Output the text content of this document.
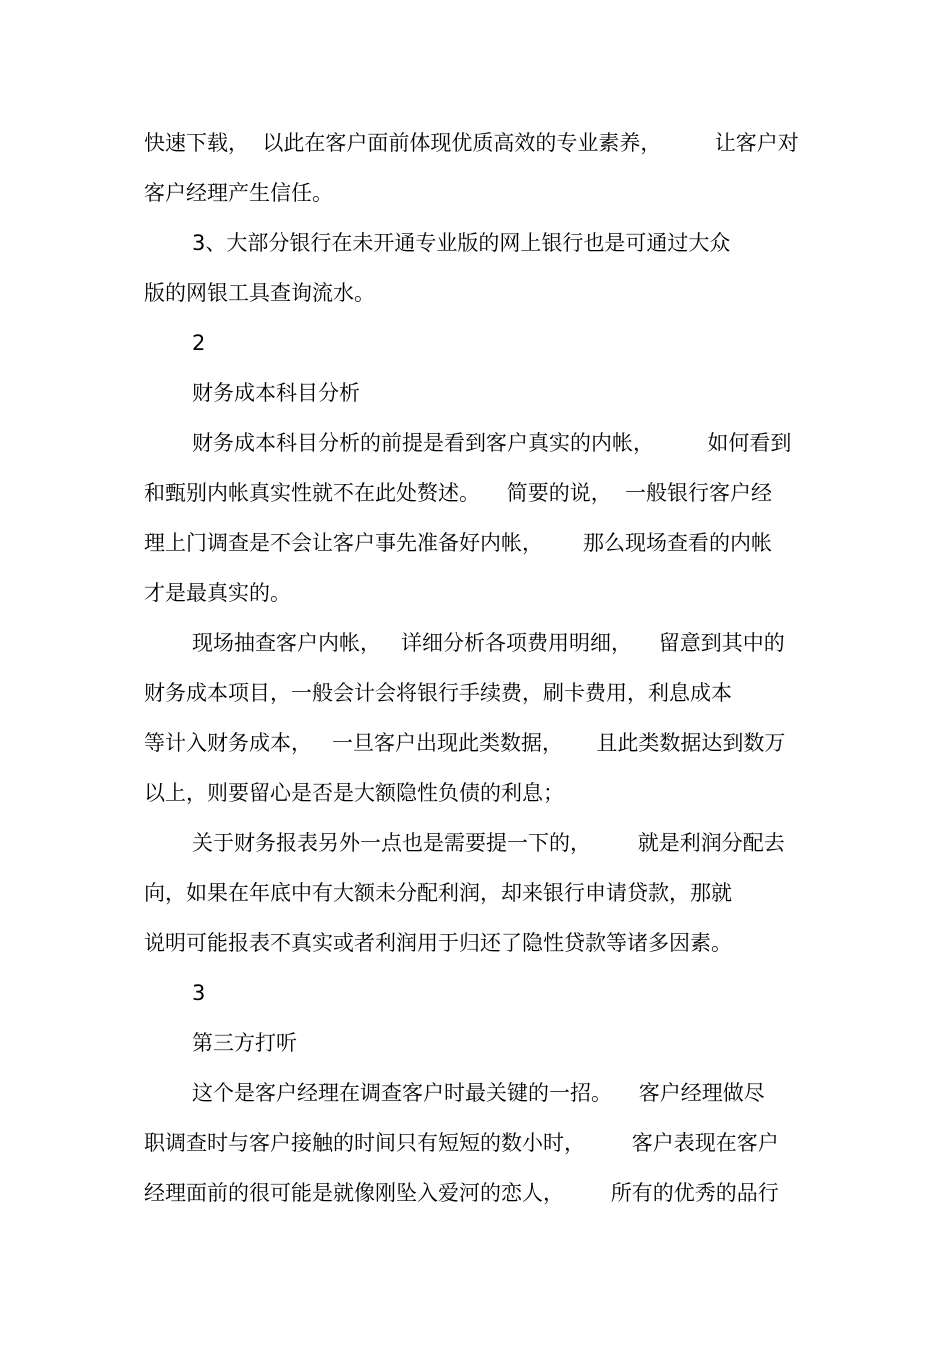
快速下载，  以此在客户面前体现优质高效的专业素养，        让客户对
客户经理产生信任。
3、大部分银行在未开通专业版的网上银行也是可通过大众
版的网银工具查询流水。
2
财务成本科目分析
财务成本科目分析的前提是看到客户真实的内帐，        如何看到
和甄别内帐真实性就不在此处赘述。    简要的说，  一般银行客户经
理上门调查是不会让客户事先准备好内帐，      那么现场查看的内帐
才是最真实的。
现场抽查客户内帐，   详细分析各项费用明细，    留意到其中的
财务成本项目，一般会计会将银行手续费，刷卡费用，利息成本
等计入财务成本，   一旦客户出现此类数据，     且此类数据达到数万
以上，则要留心是否是大额隐性负债的利息；
关于财务报表另外一点也是需要提一下的，       就是利润分配去
向，如果在年底中有大额未分配利润，却来银行申请贷款，那就
说明可能报表不真实或者利润用于归还了隐性贷款等诸多因素。
3
第三方打听
这个是客户经理在调查客户时最关键的一招。    客户经理做尽
职调查时与客户接触的时间只有短短的数小时，       客户表现在客户
经理面前的很可能是就像刚坠入爱河的恋人，       所有的优秀的品行
